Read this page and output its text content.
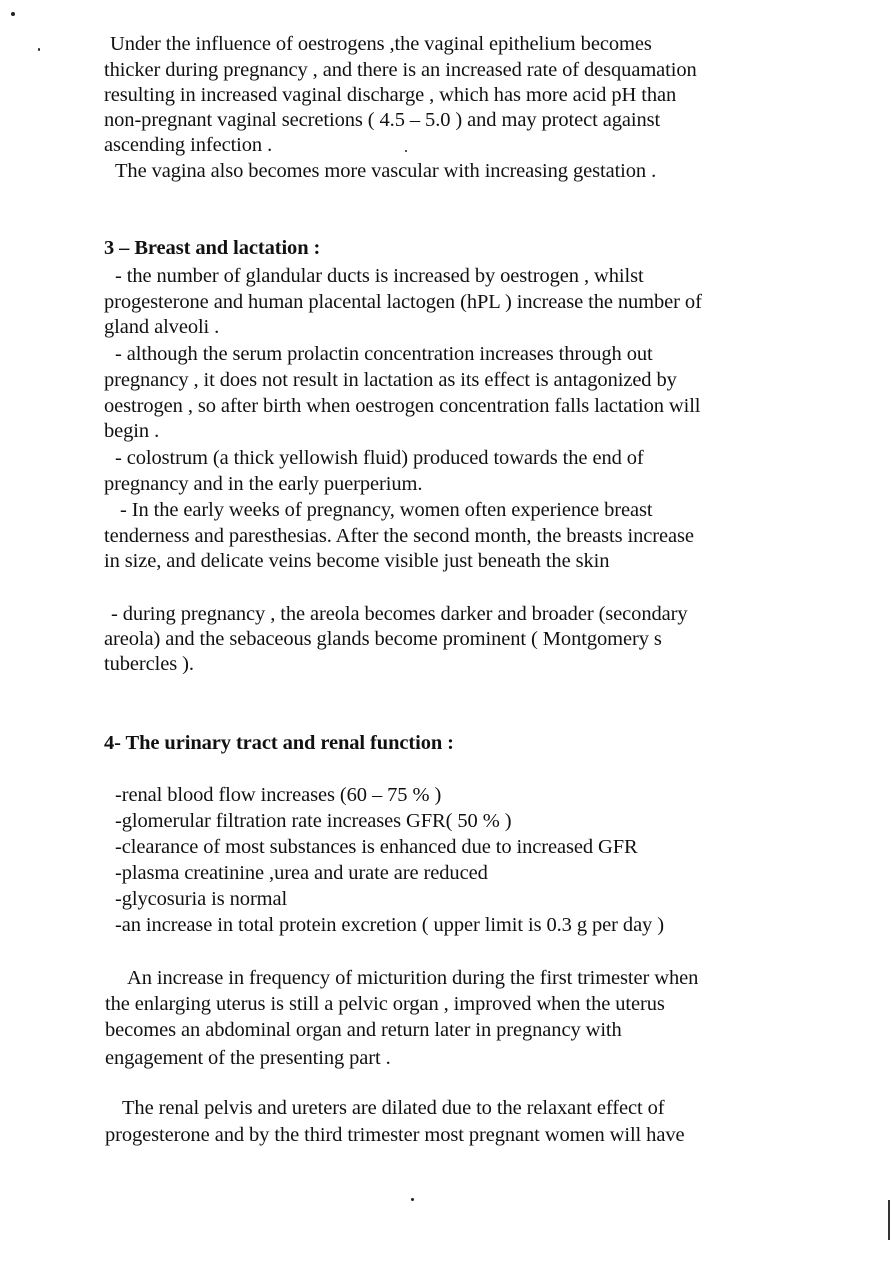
Under the influence of oestrogens ,the vaginal epithelium becomes
thicker during pregnancy , and there is an increased rate of desquamation
resulting in increased vaginal discharge , which has more acid pH than
non-pregnant vaginal secretions ( 4.5 – 5.0 ) and may protect against
ascending infection .
The vagina also becomes more vascular with increasing gestation .
3 – Breast and lactation :
- the number of glandular ducts is increased by oestrogen , whilst
progesterone and human placental lactogen (hPL ) increase the number of
gland alveoli .
- although the serum prolactin concentration increases through out
pregnancy , it does not result in lactation as its effect is antagonized by
oestrogen , so after birth when oestrogen concentration falls lactation will
begin .
- colostrum (a thick yellowish fluid) produced towards the end of
pregnancy and in the early puerperium.
- In the early weeks of pregnancy, women often experience breast
tenderness and paresthesias. After the second month, the breasts increase
in size, and delicate veins become visible just beneath the skin
- during pregnancy , the areola becomes darker and broader (secondary
areola) and the sebaceous glands become prominent ( Montgomery s
tubercles ).
4- The urinary tract and renal function :
-renal blood flow increases (60 – 75 % )
-glomerular filtration rate increases GFR( 50 % )
-clearance of most substances is enhanced due to increased GFR
-plasma creatinine ,urea and urate are reduced
-glycosuria is normal
-an increase in total protein excretion ( upper limit is 0.3 g per day )
An increase in frequency of micturition during the first trimester when
the enlarging uterus is still a pelvic organ , improved when the uterus
becomes an abdominal organ and return later in pregnancy with
engagement of the presenting part .
The renal pelvis and ureters are dilated due to the relaxant effect of
progesterone and by the third trimester most pregnant women will have
